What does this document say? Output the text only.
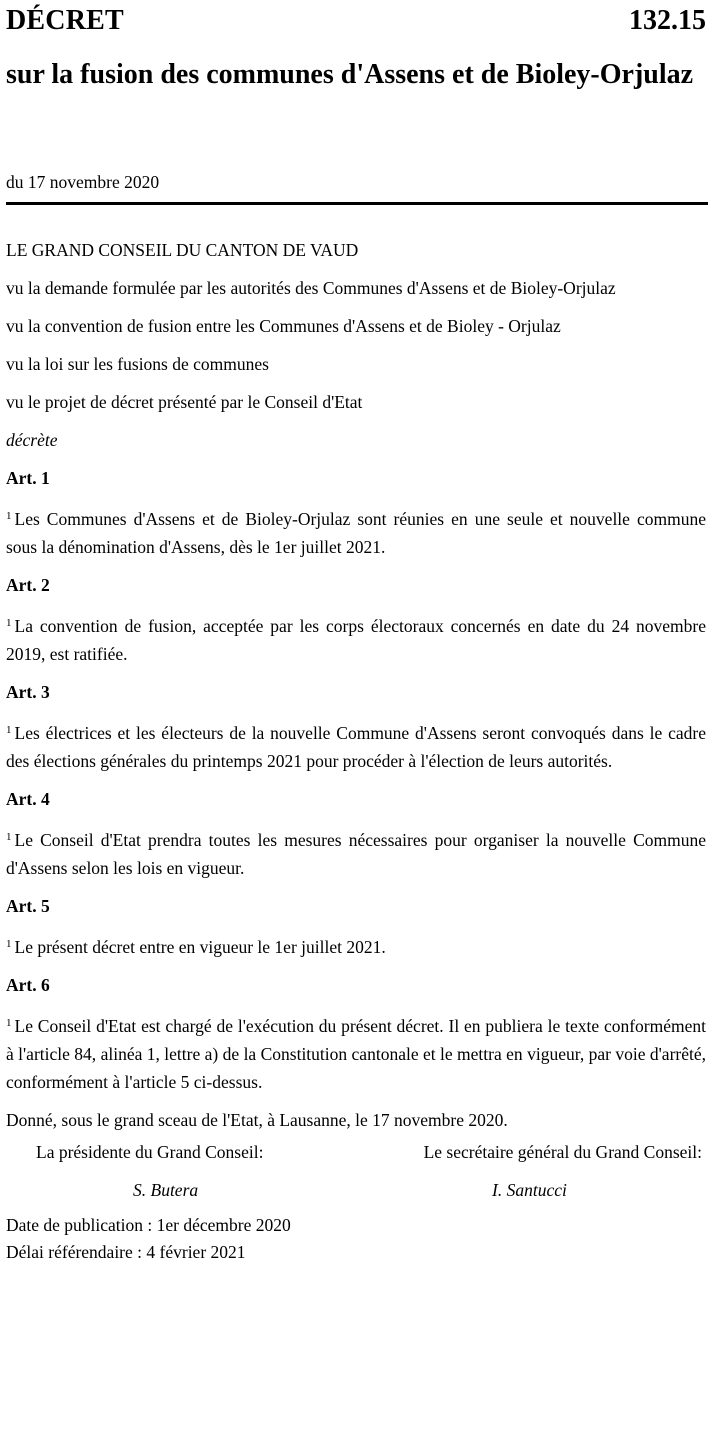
DÉCRET	132.15
sur la fusion des communes d'Assens et de Bioley-Orjulaz
du 17 novembre 2020

LE GRAND CONSEIL DU CANTON DE VAUD

vu la demande formulée par les autorités des Communes d'Assens et de Bioley-Orjulaz

vu la convention de fusion entre les Communes d'Assens et de Bioley - Orjulaz

vu la loi sur les fusions de communes

vu le projet de décret présenté par le Conseil d'Etat

décrète

Art. 1

$^1$ Les Communes d'Assens et de Bioley-Orjulaz sont réunies en une seule et nouvelle commune sous la dénomination d'Assens, dès le 1er juillet 2021.

Art. 2

$^1$ La convention de fusion, acceptée par les corps électoraux concernés en date du 24 novembre 2019, est ratifiée.

Art. 3

$^1$ Les électrices et les électeurs de la nouvelle Commune d'Assens seront convoqués dans le cadre des élections générales du printemps 2021 pour procéder à l'élection de leurs autorités.

Art. 4

$^1$ Le Conseil d'Etat prendra toutes les mesures nécessaires pour organiser la nouvelle Commune d'Assens selon les lois en vigueur.

Art. 5

$^1$ Le présent décret entre en vigueur le 1er juillet 2021.

Art. 6

$^1$ Le Conseil d'Etat est chargé de l'exécution du présent décret. Il en publiera le texte conformément à l'article 84, alinéa 1, lettre a) de la Constitution cantonale et le mettra en vigueur, par voie d'arrêté, conformément à l'article 5 ci-dessus.

Donné, sous le grand sceau de l'Etat, à Lausanne, le 17 novembre 2020.

La présidente du Grand Conseil:	Le secrétaire général du Grand Conseil:
S. Butera	I. Santucci
Date de publication : 1er décembre 2020
Délai référendaire : 4 février 2021
